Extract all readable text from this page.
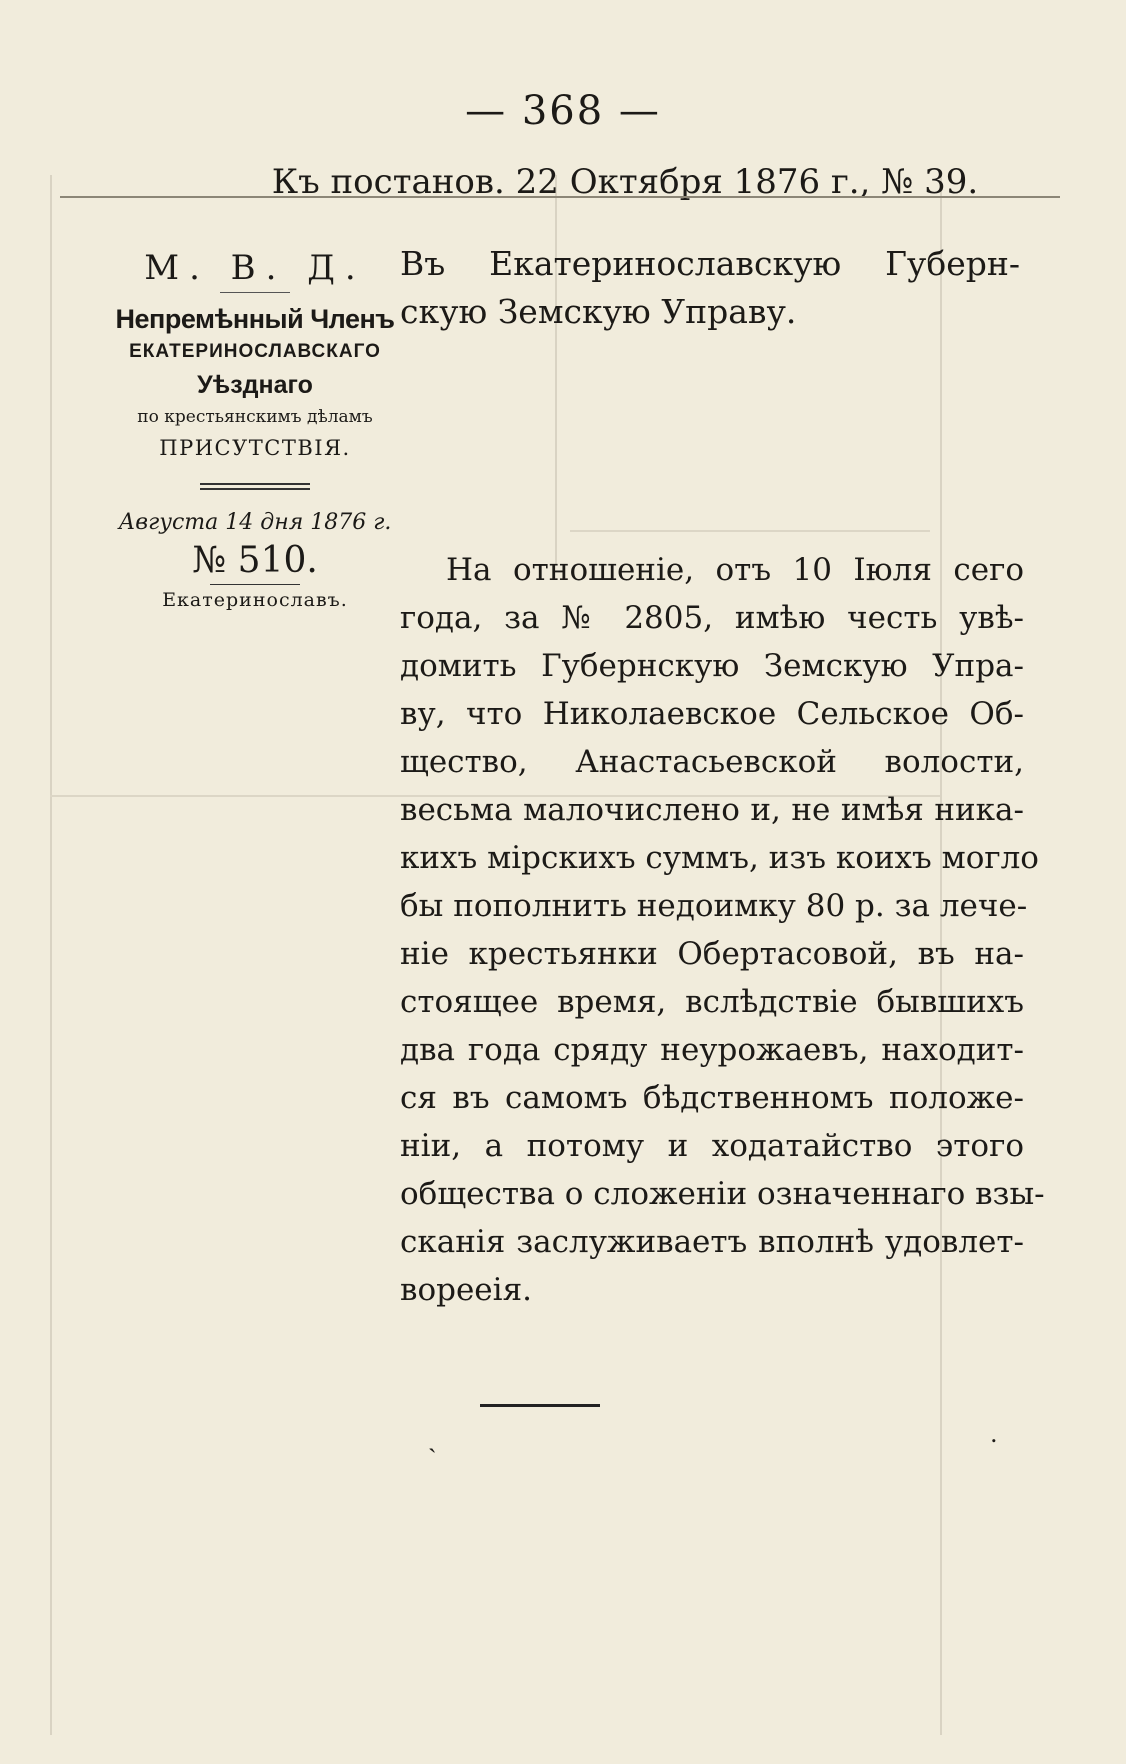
— 368 —
Къ постанов. 22 Октября 1876 г., № 39.
М. В. Д.
Непремѣнный Членъ
ЕКАТЕРИНОСЛАВСКАГО
Уѣзднаго
по крестьянскимъ дѣламъ
ПРИСУТСТВІЯ.
Августа 14 дня 1876 г.
№ 510.
Екатеринославъ.
Въ Екатеринославскую Губерн-
скую Земскую Управу.
На отношеніе, отъ 10 Іюля сего
года, за № 2805, имѣю честь увѣ-
домить Губернскую Земскую Упра-
ву, что Николаевское Сельское Об-
щество, Анастасьевской волости,
весьма малочислено и, не имѣя никa-
кихъ мірскихъ суммъ, изъ коихъ могло
бы пополнить недоимку 80 р. за лече-
ніе крестьянки Обертасовой, въ на-
стоящее время, вслѣдствіе бывшихъ
два года сряду неурожаевъ, находит-
ся въ самомъ бѣдственномъ положе-
ніи, а потому и ходатайство этого
общества о сложеніи означеннаго взы-
сканія заслуживаетъ вполнѣ удовлет-
ворееія.
ˎ	.
